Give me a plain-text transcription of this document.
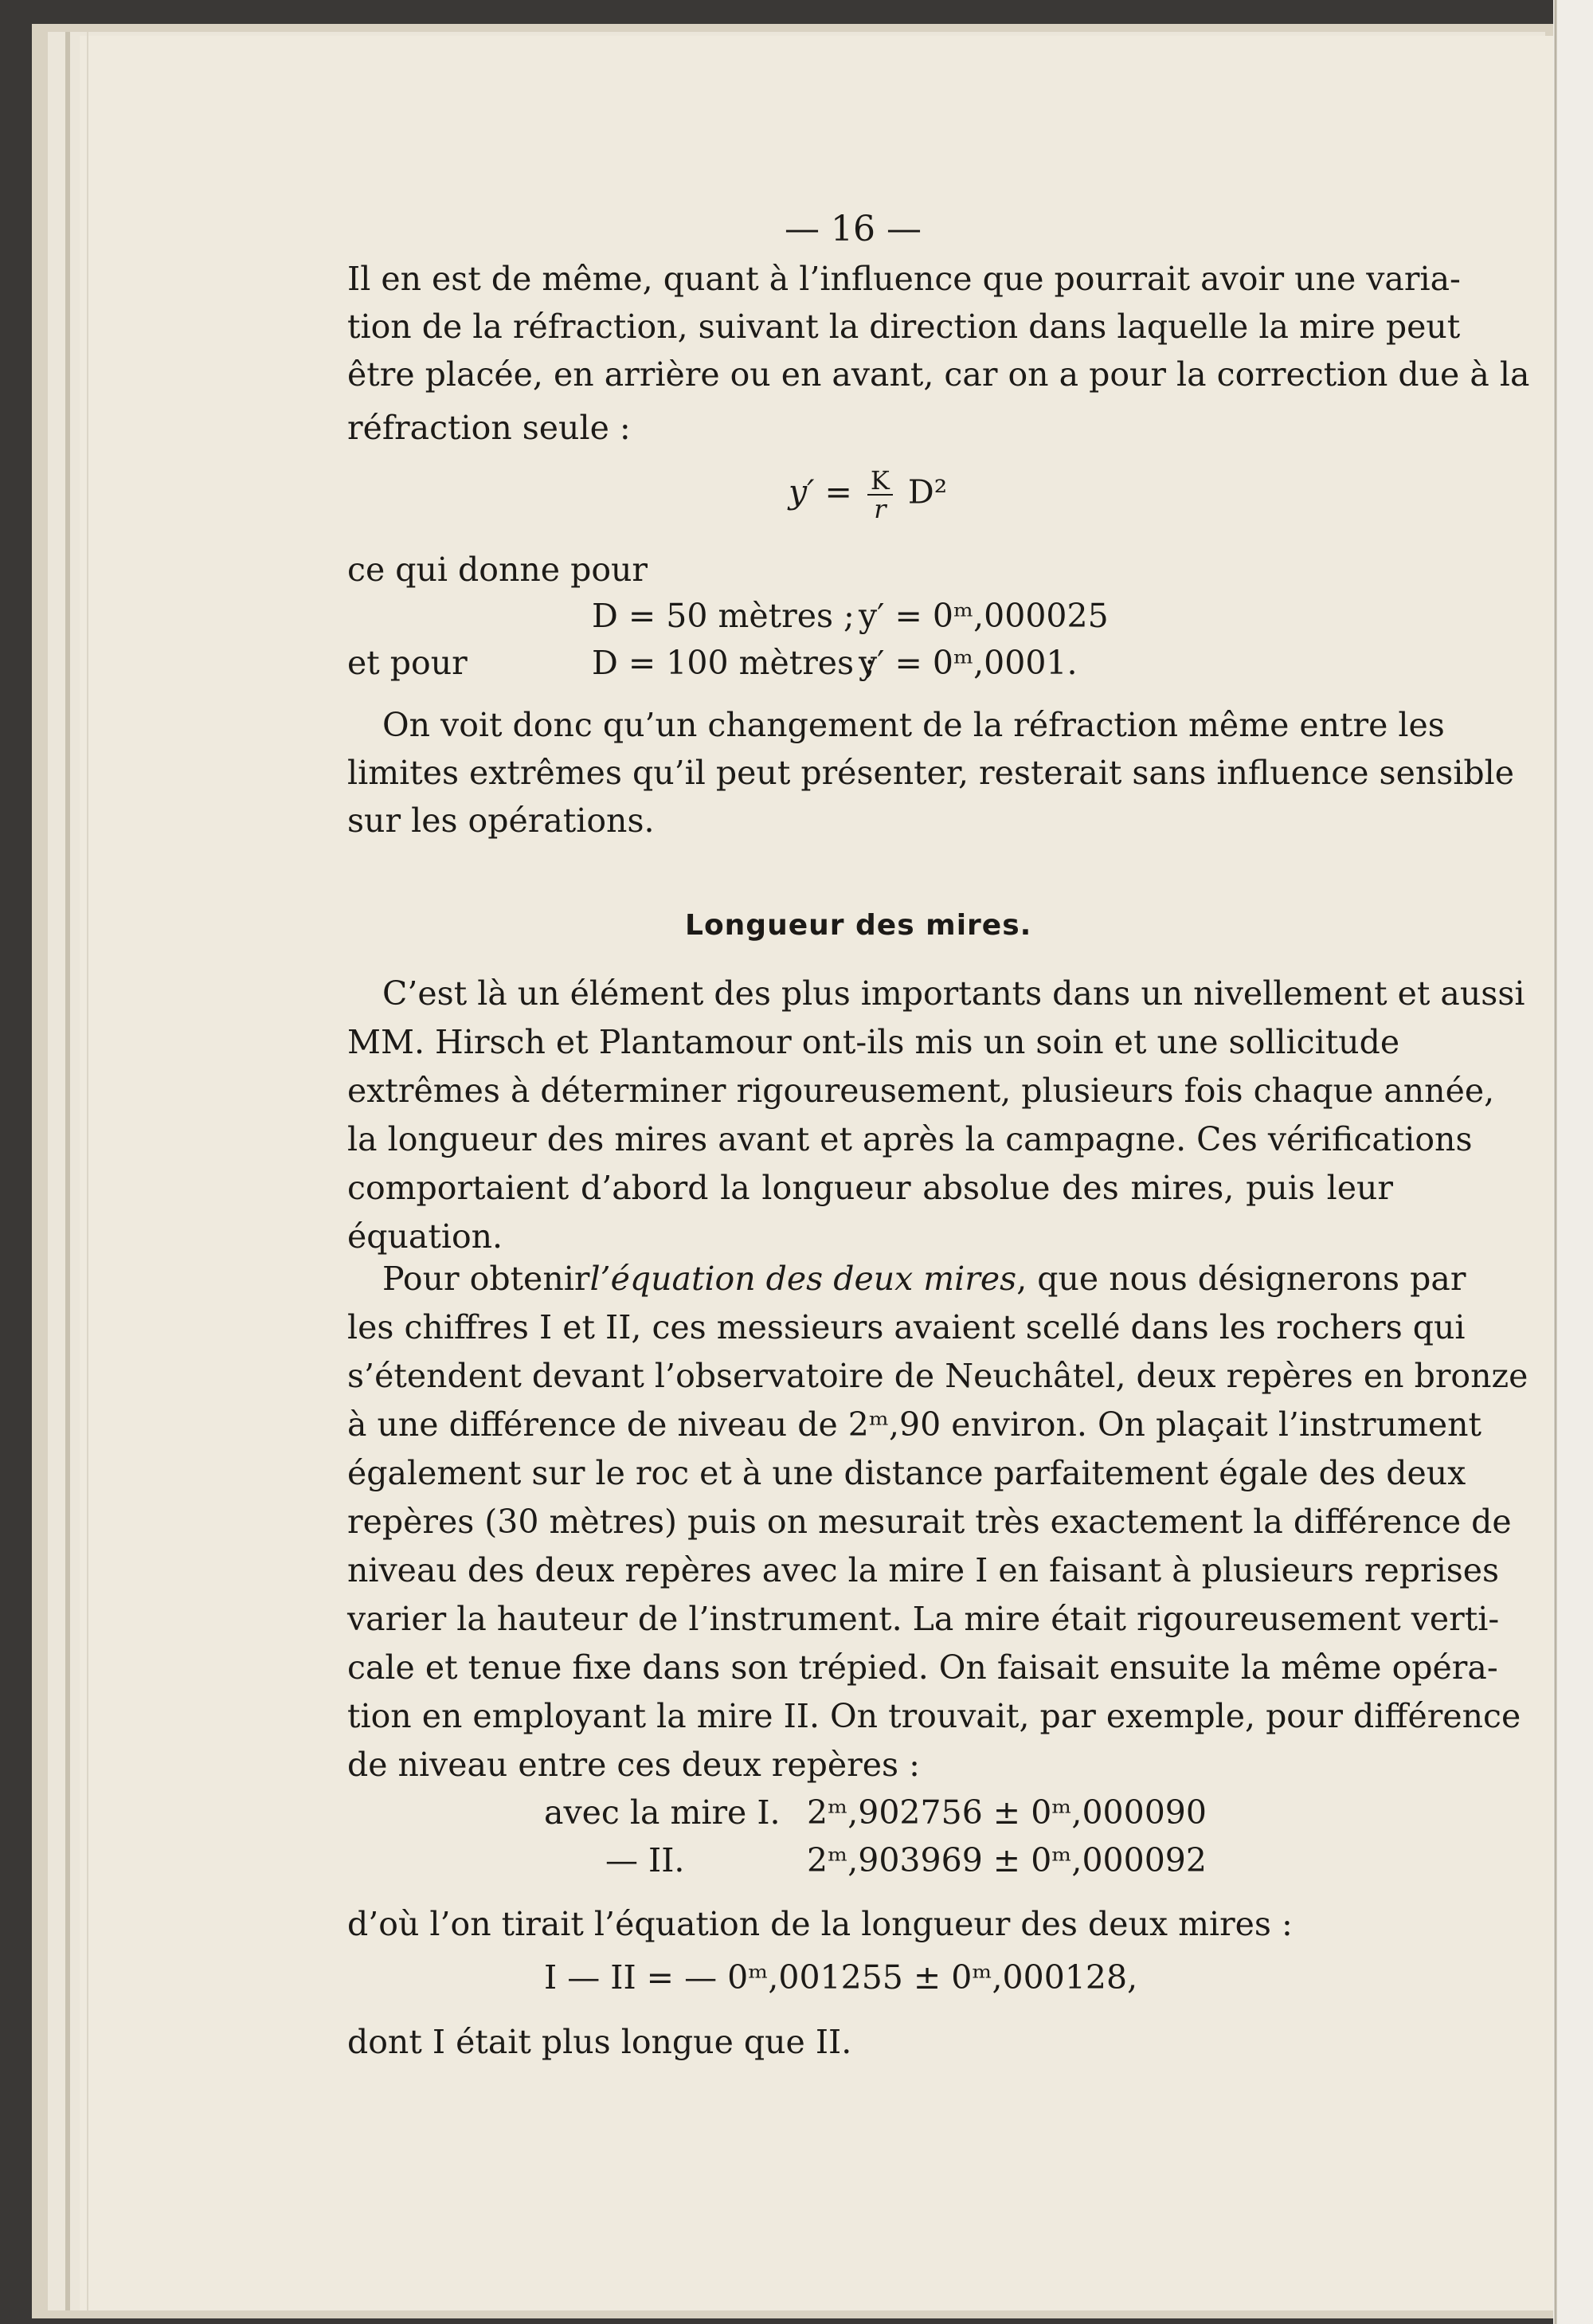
— 16 —
Il en est de même, quant à l’influence que pourrait avoir une varia-
tion de la réfraction, suivant la direction dans laquelle la mire peut
être placée, en arrière ou en avant, car on a pour la correction due à la
réfraction seule :
$y' = \frac{K}{r} D^2$
ce qui donne pour
D = 50 mètres ; y′ = 0ᵐ,000025
et pour	D = 100 mètres ;
y′ = 0ᵐ,0001.
On voit donc qu’un changement de la réfraction même entre les
limites extrêmes qu’il peut présenter, resterait sans influence sensible
sur les opérations.
Longueur des mires.
C’est là un élément des plus importants dans un nivellement et aussi
MM. Hirsch et Plantamour ont-ils mis un soin et une sollicitude
extrêmes à déterminer rigoureusement, plusieurs fois chaque année,
la longueur des mires avant et après la campagne. Ces vérifications
comportaient d’abord la longueur absolue des mires, puis leur
équation.
Pour obtenir l’équation des deux mires, que nous désignerons par
les chiffres I et II, ces messieurs avaient scellé dans les rochers qui
s’étendent devant l’observatoire de Neuchâtel, deux repères en bronze
à une différence de niveau de 2ᵐ,90 environ. On plaçait l’instrument
également sur le roc et à une distance parfaitement égale des deux
repères (30 mètres) puis on mesurait très exactement la différence de
niveau des deux repères avec la mire I en faisant à plusieurs reprises
varier la hauteur de l’instrument. La mire était rigoureusement verti-
cale et tenue fixe dans son trépied. On faisait ensuite la même opéra-
tion en employant la mire II. On trouvait, par exemple, pour différence
de niveau entre ces deux repères :
avec la mire I. 2ᵐ,902756 ± 0ᵐ,000090
— II.	2ᵐ,903969 ± 0ᵐ,000092
d’où l’on tirait l’équation de la longueur des deux mires :
I — II = — 0ᵐ,001255 ± 0ᵐ,000128,
dont I était plus longue que II.
